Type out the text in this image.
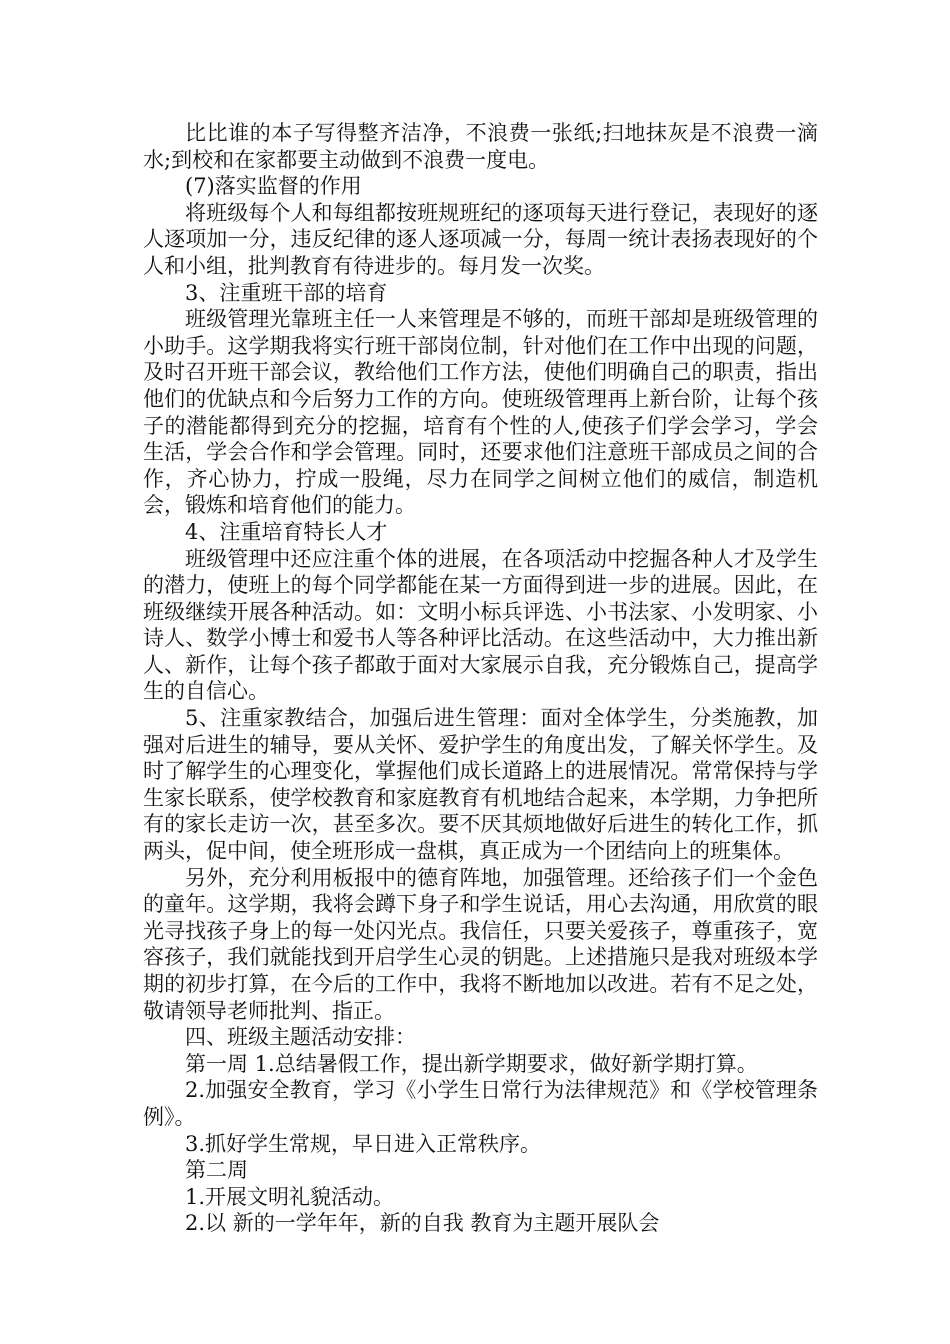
比比谁的本子写得整齐洁净，不浪费一张纸;扫地抹灰是不浪费一滴水;到校和在家都要主动做到不浪费一度电。

(7)落实监督的作用

将班级每个人和每组都按班规班纪的逐项每天进行登记，表现好的逐人逐项加一分，违反纪律的逐人逐项减一分，每周一统计表扬表现好的个人和小组，批判教育有待进步的。每月发一次奖。

3、注重班干部的培育

班级管理光靠班主任一人来管理是不够的，而班干部却是班级管理的小助手。这学期我将实行班干部岗位制，针对他们在工作中出现的问题，及时召开班干部会议，教给他们工作方法，使他们明确自己的职责，指出他们的优缺点和今后努力工作的方向。使班级管理再上新台阶，让每个孩子的潜能都得到充分的挖掘，培育有个性的人,使孩子们学会学习，学会生活，学会合作和学会管理。同时，还要求他们注意班干部成员之间的合作，齐心协力，拧成一股绳，尽力在同学之间树立他们的威信，制造机会，锻炼和培育他们的能力。

4、注重培育特长人才

班级管理中还应注重个体的进展，在各项活动中挖掘各种人才及学生的潜力，使班上的每个同学都能在某一方面得到进一步的进展。因此，在班级继续开展各种活动。如：文明小标兵评选、小书法家、小发明家、小诗人、数学小博士和爱书人等各种评比活动。在这些活动中，大力推出新人、新作，让每个孩子都敢于面对大家展示自我，充分锻炼自己，提高学生的自信心。

5、注重家教结合，加强后进生管理：面对全体学生，分类施教，加强对后进生的辅导，要从关怀、爱护学生的角度出发，了解关怀学生。及时了解学生的心理变化，掌握他们成长道路上的进展情况。常常保持与学生家长联系，使学校教育和家庭教育有机地结合起来，本学期，力争把所有的家长走访一次，甚至多次。要不厌其烦地做好后进生的转化工作，抓两头，促中间，使全班形成一盘棋，真正成为一个团结向上的班集体。

另外，充分利用板报中的德育阵地，加强管理。还给孩子们一个金色的童年。这学期，我将会蹲下身子和学生说话，用心去沟通，用欣赏的眼光寻找孩子身上的每一处闪光点。我信任，只要关爱孩子，尊重孩子，宽容孩子，我们就能找到开启学生心灵的钥匙。上述措施只是我对班级本学期的初步打算，在今后的工作中，我将不断地加以改进。若有不足之处，敬请领导老师批判、指正。

四、班级主题活动安排：

第一周 1.总结暑假工作，提出新学期要求，做好新学期打算。

2.加强安全教育，学习《小学生日常行为法律规范》和《学校管理条例》。

3.抓好学生常规，早日进入正常秩序。

第二周

1.开展文明礼貌活动。

2.以 新的一学年年，新的自我 教育为主题开展队会
